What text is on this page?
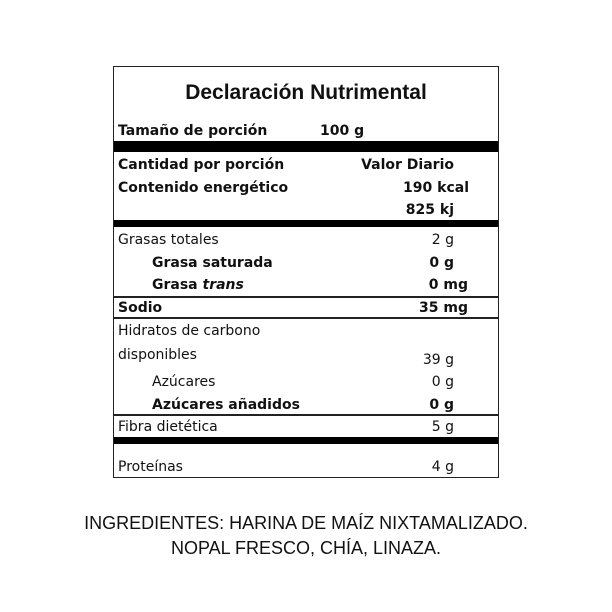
Declaración Nutrimental
Tamaño de porción	100 g
Cantidad por porción	Valor Diario
Contenido energético	190 kcal
825 kj
Grasas totales	2 g
Grasa saturada	0 g
Grasa trans	0 mg
Sodio	35 mg
Hidratos de carbono
disponibles	39 g
Azúcares	0 g
Azúcares añadidos	0 g
Fibra dietética	5 g
Proteínas	4 g
INGREDIENTES: HARINA DE MAÍZ NIXTAMALIZADO.
NOPAL FRESCO, CHÍA, LINAZA.
